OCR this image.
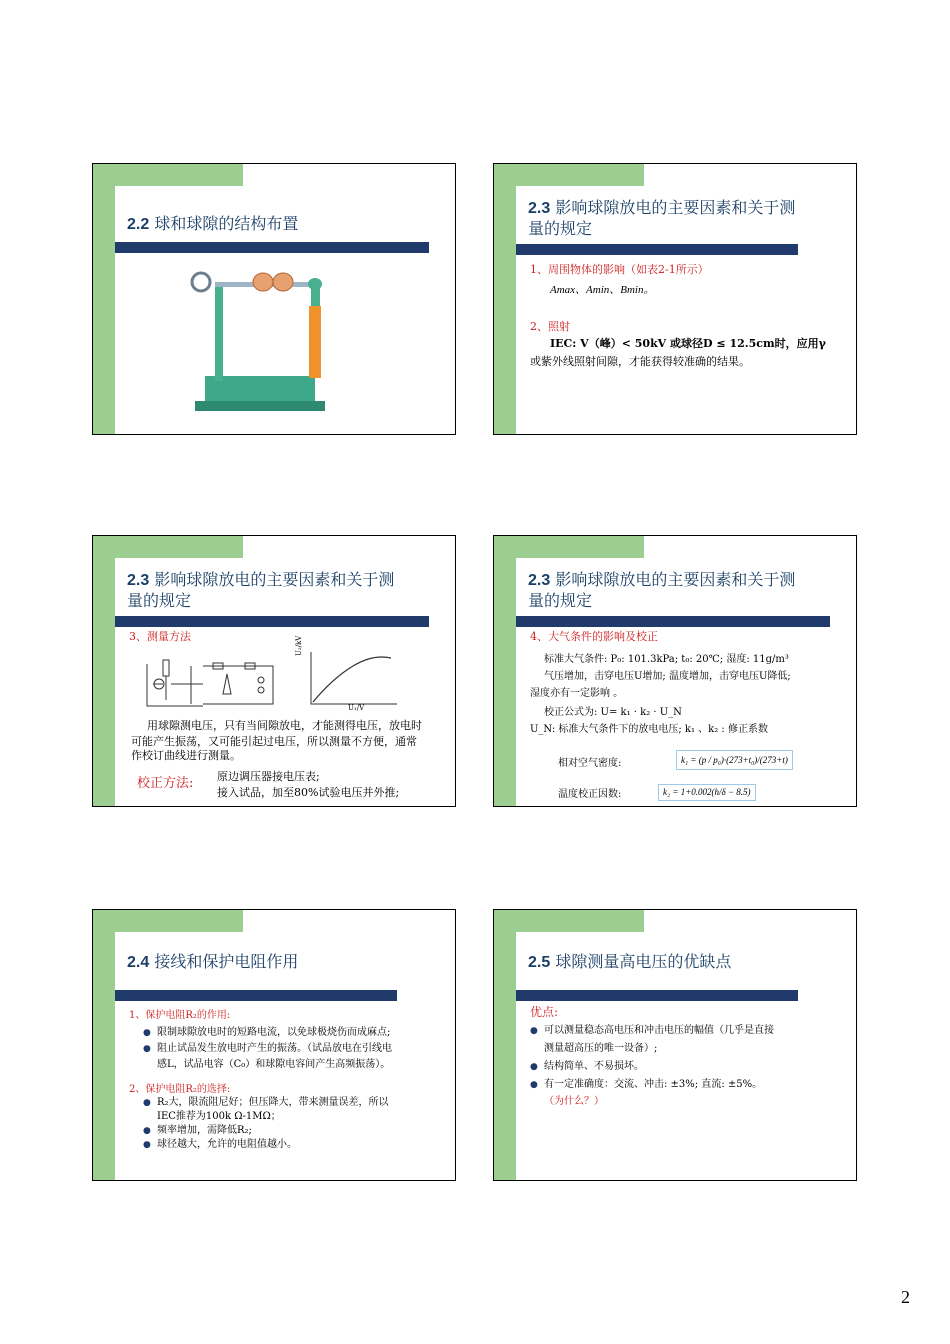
2.2 球和球隙的结构布置
2.3 影响球隙放电的主要因素和关于测
量的规定
1、周围物体的影响（如表2-1所示）
Amax、Amin、Bmin。
2、照射
IEC: V（峰）< 50kV 或球径D ≤ 12.5cm时，应用γ
或紫外线照射间隙，才能获得较准确的结果。
2.3 影响球隙放电的主要因素和关于测
量的规定
3、测量方法	U₂/kV
U₁/V
用球隙测电压，只有当间隙放电，才能测得电压，放电时
可能产生振荡，又可能引起过电压，所以测量不方便，通常
作校订曲线进行测量。
校正方法: 原边调压器接电压表;
接入试品，加至80%试验电压并外推;
2.3 影响球隙放电的主要因素和关于测
量的规定
4、大气条件的影响及校正
标准大气条件: P₀: 101.3kPa; t₀: 20℃; 湿度: 11g/m³
气压增加，击穿电压U增加; 温度增加，击穿电压U降低;
湿度亦有一定影响 。
校正公式为: U= k₁ · k₂ · U_N
U_N: 标准大气条件下的放电电压; k₁ 、k₂ : 修正系数
相对空气密度:	k₁ = (p / p₀)·(273+t₀)/(273+t)
温度校正因数:	k₂ = 1+0.002(h/δ − 8.5)
2.4 接线和保护电阻作用
1、保护电阻R₂的作用:
● 限制球隙放电时的短路电流，以免球极烧伤而成麻点;
● 阻止试品发生放电时产生的振荡。（试品放电在引线电
感L，试品电容（C₀）和球隙电容间产生高频振荡）。
2、保护电阻R₂的选择:
● R₂大，限流阻尼好；但压降大，带来测量误差，所以
IEC推荐为100k Ω-1MΩ；
● 频率增加，需降低R₂;
● 球径越大，允许的电阻值越小。
2.5 球隙测量高电压的优缺点
优点:
● 可以测量稳态高电压和冲击电压的幅值（几乎是直接
测量超高压的唯一设备）;
● 结构简单、不易损坏。
● 有一定准确度：交流、冲击: ±3%; 直流: ±5%。
（为什么？）
2
